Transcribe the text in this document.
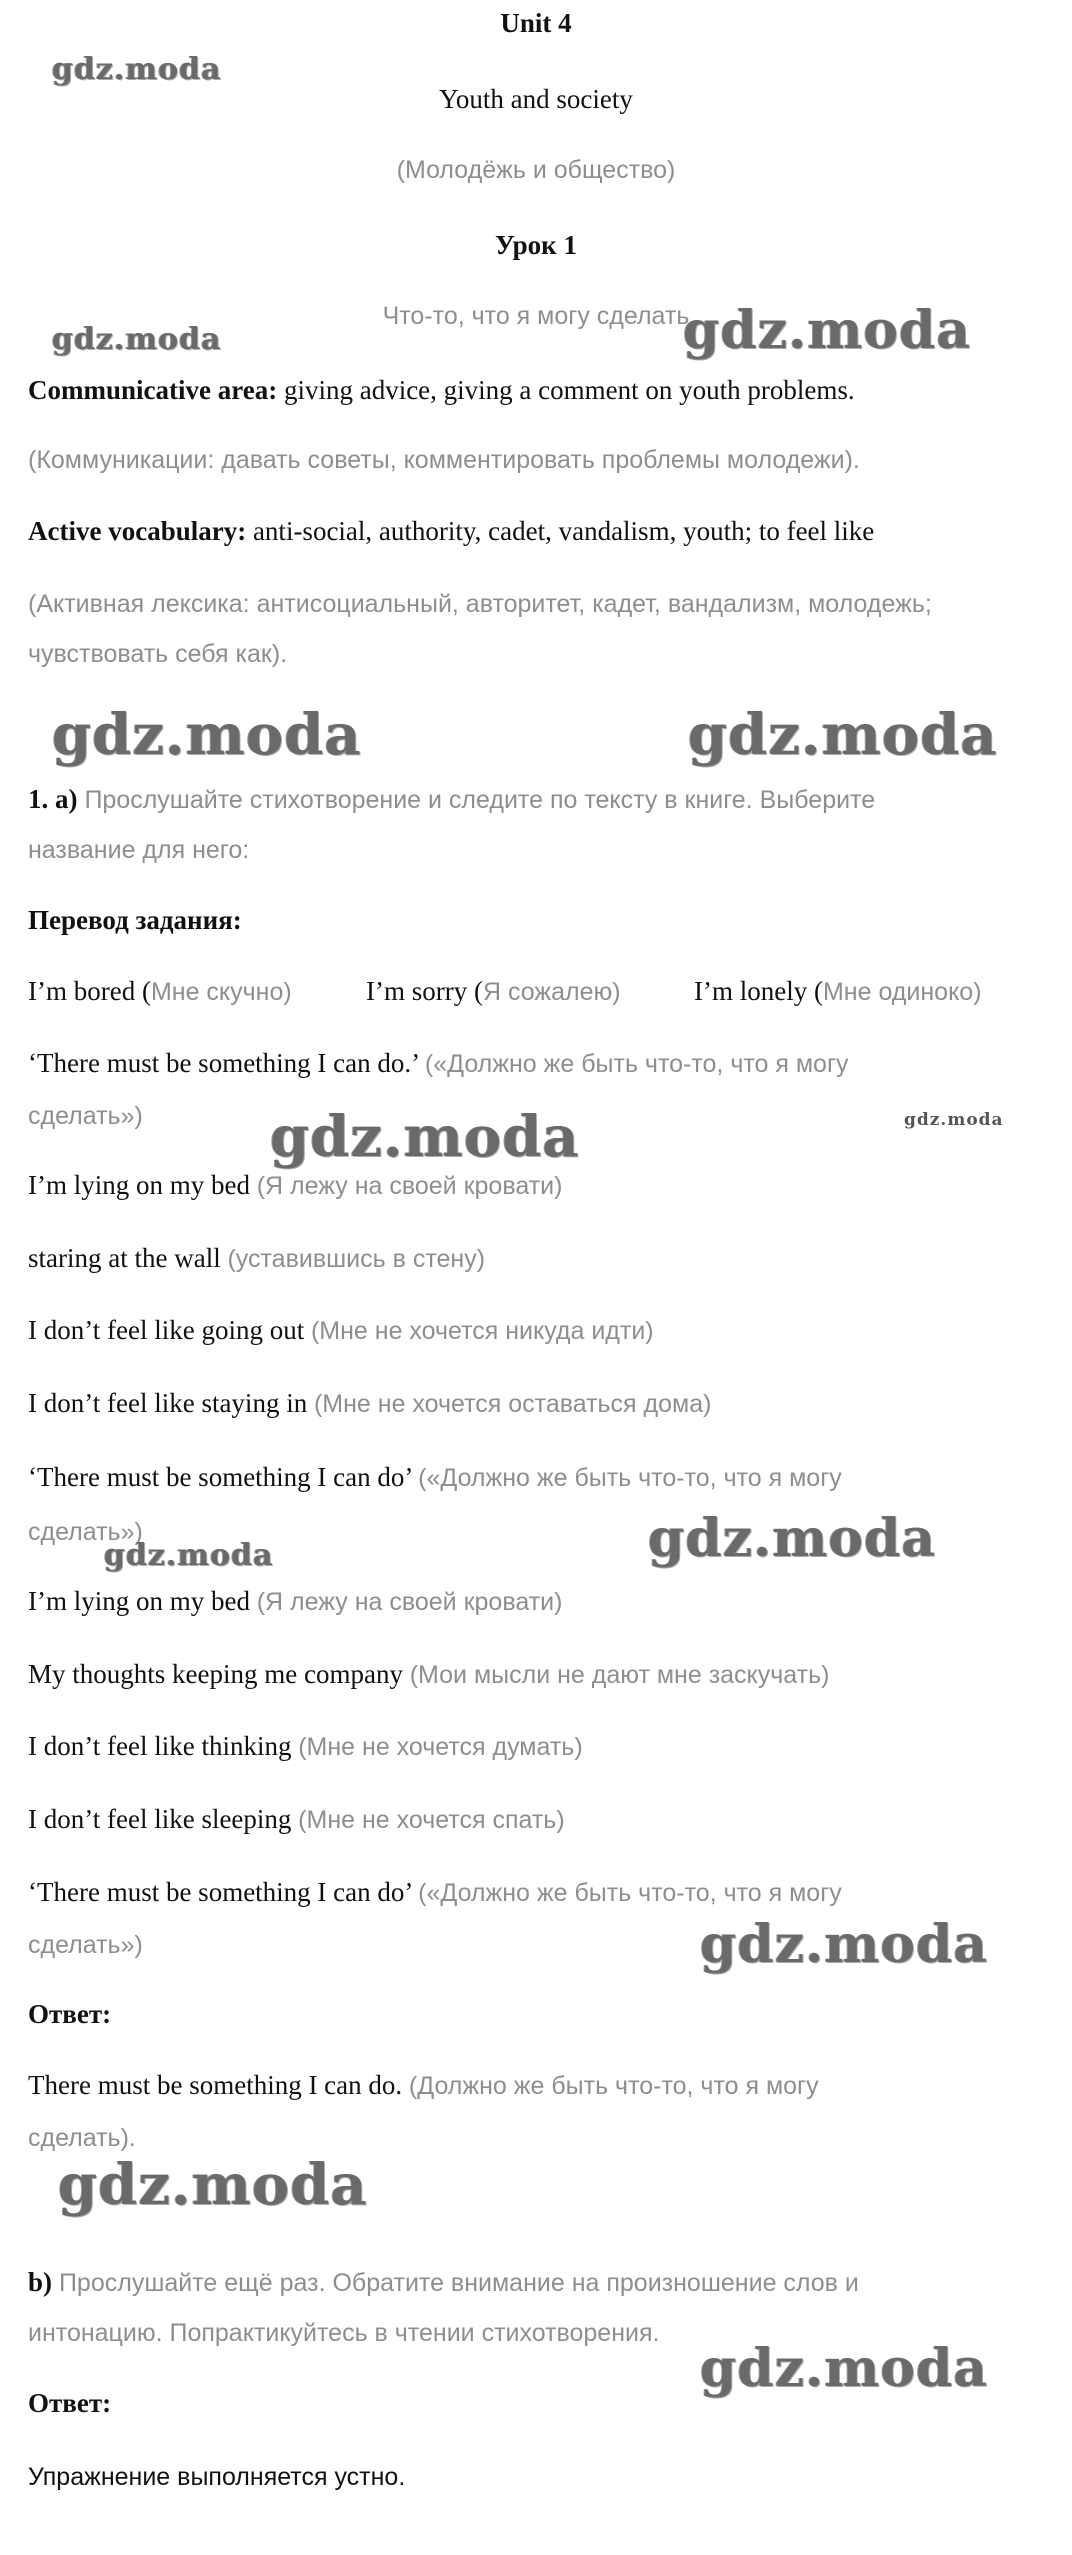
Unit 4
Youth and society
(Молодёжь и общество)
Урок 1
Что-то, что я могу сделать
Communicative area: giving advice, giving a comment on youth problems.
(Коммуникации: давать советы, комментировать проблемы молодежи).
Active vocabulary: anti-social, authority, cadet, vandalism, youth; to feel like
(Активная лексика: антисоциальный, авторитет, кадет, вандализм, молодежь;
чувствовать себя как).
1. a) Прослушайте стихотворение и следите по тексту в книге. Выберите
название для него:
Перевод задания:
I’m bored (Мне скучно)	I’m sorry (Я сожалею)	I’m lonely (Мне одиноко)
‘There must be something I can do.’ («Должно же быть что-то, что я могу
сделать»)
I’m lying on my bed (Я лежу на своей кровати)
staring at the wall (уставившись в стену)
I don’t feel like going out (Мне не хочется никуда идти)
I don’t feel like staying in (Мне не хочется оставаться дома)
‘There must be something I can do’ («Должно же быть что-то, что я могу
сделать»)
I’m lying on my bed (Я лежу на своей кровати)
My thoughts keeping me company (Мои мысли не дают мне заскучать)
I don’t feel like thinking (Мне не хочется думать)
I don’t feel like sleeping (Мне не хочется спать)
‘There must be something I can do’ («Должно же быть что-то, что я могу
сделать»)
Ответ:
There must be something I can do. (Должно же быть что-то, что я могу
сделать).
b) Прослушайте ещё раз. Обратите внимание на произношение слов и
интонацию. Попрактикуйтесь в чтении стихотворения.
Ответ:
Упражнение выполняется устно.
gdz.moda
gdz.moda	gdz.moda
gdz.moda	gdz.moda
gdz.moda	gdz.moda
gdz.moda	gdz.moda
gdz.moda
gdz.moda
gdz.moda
